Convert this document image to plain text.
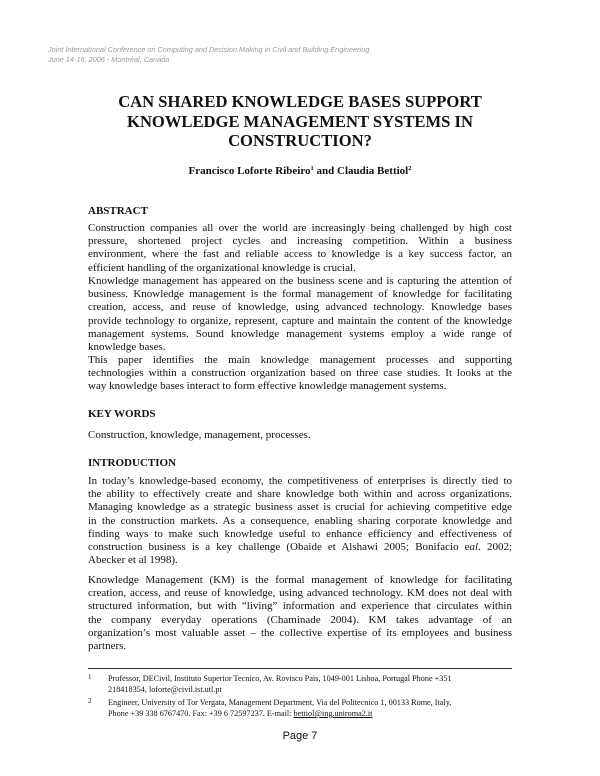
Joint International Conference on Computing and Decision Making in Civil and Building Engineering
June 14-16, 2006 - Montréal, Canada
CAN SHARED KNOWLEDGE BASES SUPPORT
KNOWLEDGE MANAGEMENT SYSTEMS IN
CONSTRUCTION?
Francisco Loforte Ribeiro$^1$ and Claudia Bettiol$^2$
ABSTRACT
Construction companies all over the world are increasingly being challenged by high cost
pressure, shortened project cycles and increasing competition. Within a business
environment, where the fast and reliable access to knowledge is a key success factor, an
efficient handling of the organizational knowledge is crucial.
Knowledge management has appeared on the business scene and is capturing the attention of
business. Knowledge management is the formal management of knowledge for facilitating
creation, access, and reuse of knowledge, using advanced technology. Knowledge bases
provide technology to organize, represent, capture and maintain the content of the knowledge
management systems. Sound knowledge management systems employ a wide range of
knowledge bases.
This paper identifies the main knowledge management processes and supporting
technologies within a construction organization based on three case studies. It looks at the
way knowledge bases interact to form effective knowledge management systems.
KEY WORDS
Construction, knowledge, management, processes.
INTRODUCTION
In today’s knowledge-based economy, the competitiveness of enterprises is directly tied to
the ability to effectively create and share knowledge both within and across organizations.
Managing knowledge as a strategic business asset is crucial for achieving competitive edge
in the construction markets. As a consequence, enabling sharing corporate knowledge and
finding ways to make such knowledge useful to enhance efficiency and effectiveness of
construction business is a key challenge (Obaide et Alshawi 2005; Bonifacio eal. 2002;
Abecker et al 1998).
Knowledge Management (KM) is the formal management of knowledge for facilitating
creation, access, and reuse of knowledge, using advanced technology. KM does not deal with
structured information, but with “living” information and experience that circulates within
the company everyday operations (Chaminade 2004). KM takes advantage of an
organization’s most valuable asset – the collective expertise of its employees and business
partners.
1 Professor, DECivil, Instituto Superior Tecnico, Av. Rovisco Pais, 1049-001 Lisboa, Portugal Phone +351
218418354, loforte@civil.ist.utl.pt
2 Engineer, University of Tor Vergata, Management Department, Via del Politecnico 1, 00133 Rome, Italy,
Phone +39 338 6767470. Fax: +39 6 72597237. E-mail: bettiol@ing.uniroma2.it
Page 7
